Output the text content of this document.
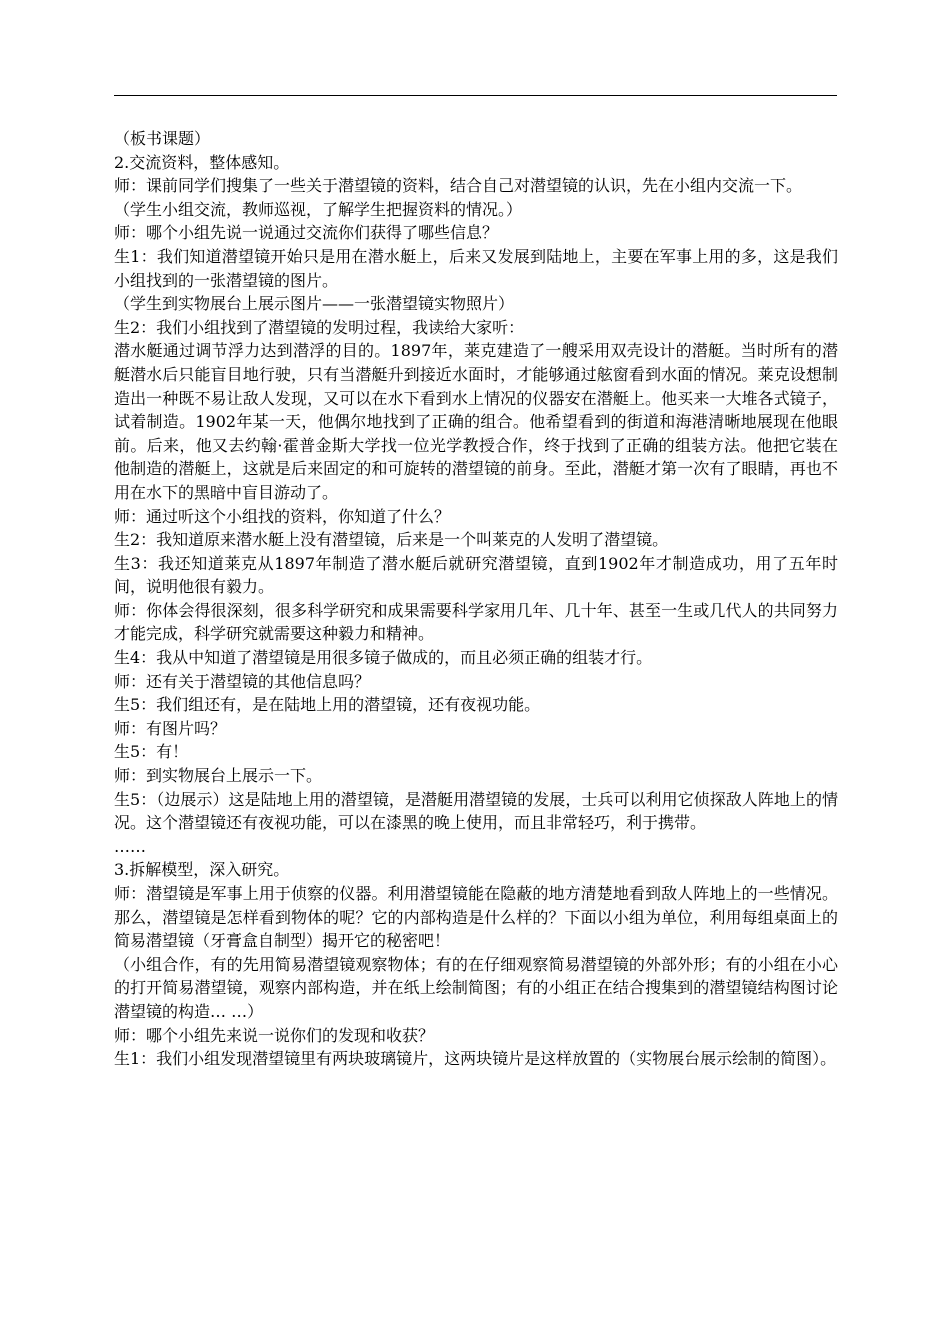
（板书课题）

2.交流资料，整体感知。

师：课前同学们搜集了一些关于潜望镜的资料，结合自己对潜望镜的认识，先在小组内交流一下。

（学生小组交流，教师巡视，了解学生把握资料的情况。）

师：哪个小组先说一说通过交流你们获得了哪些信息？

生1：我们知道潜望镜开始只是用在潜水艇上，后来又发展到陆地上，主要在军事上用的多，这是我们小组找到的一张潜望镜的图片。

（学生到实物展台上展示图片——一张潜望镜实物照片）

生2：我们小组找到了潜望镜的发明过程，我读给大家听：

潜水艇通过调节浮力达到潜浮的目的。1897年，莱克建造了一艘采用双壳设计的潜艇。当时所有的潜艇潜水后只能盲目地行驶，只有当潜艇升到接近水面时，才能够通过舷窗看到水面的情况。莱克设想制造出一种既不易让敌人发现，又可以在水下看到水上情况的仪器安在潜艇上。他买来一大堆各式镜子，试着制造。1902年某一天，他偶尔地找到了正确的组合。他希望看到的街道和海港清晰地展现在他眼前。后来，他又去约翰·霍普金斯大学找一位光学教授合作，终于找到了正确的组装方法。他把它装在他制造的潜艇上，这就是后来固定的和可旋转的潜望镜的前身。至此，潜艇才第一次有了眼睛，再也不用在水下的黑暗中盲目游动了。

师：通过听这个小组找的资料，你知道了什么？

生2：我知道原来潜水艇上没有潜望镜，后来是一个叫莱克的人发明了潜望镜。

生3：我还知道莱克从1897年制造了潜水艇后就研究潜望镜，直到1902年才制造成功，用了五年时间，说明他很有毅力。

师：你体会得很深刻，很多科学研究和成果需要科学家用几年、几十年、甚至一生或几代人的共同努力才能完成，科学研究就需要这种毅力和精神。

生4：我从中知道了潜望镜是用很多镜子做成的，而且必须正确的组装才行。

师：还有关于潜望镜的其他信息吗？

生5：我们组还有，是在陆地上用的潜望镜，还有夜视功能。

师：有图片吗？

生5：有！

师：到实物展台上展示一下。

生5：（边展示）这是陆地上用的潜望镜，是潜艇用潜望镜的发展，士兵可以利用它侦探敌人阵地上的情况。这个潜望镜还有夜视功能，可以在漆黑的晚上使用，而且非常轻巧，利于携带。

……

3.拆解模型，深入研究。

师：潜望镜是军事上用于侦察的仪器。利用潜望镜能在隐蔽的地方清楚地看到敌人阵地上的一些情况。那么，潜望镜是怎样看到物体的呢？它的内部构造是什么样的？下面以小组为单位，利用每组桌面上的简易潜望镜（牙膏盒自制型）揭开它的秘密吧！

（小组合作，有的先用简易潜望镜观察物体；有的在仔细观察简易潜望镜的外部外形；有的小组在小心的打开简易潜望镜，观察内部构造，并在纸上绘制简图；有的小组正在结合搜集到的潜望镜结构图讨论潜望镜的构造… …）

师：哪个小组先来说一说你们的发现和收获？

生1：我们小组发现潜望镜里有两块玻璃镜片，这两块镜片是这样放置的（实物展台展示绘制的简图）。
